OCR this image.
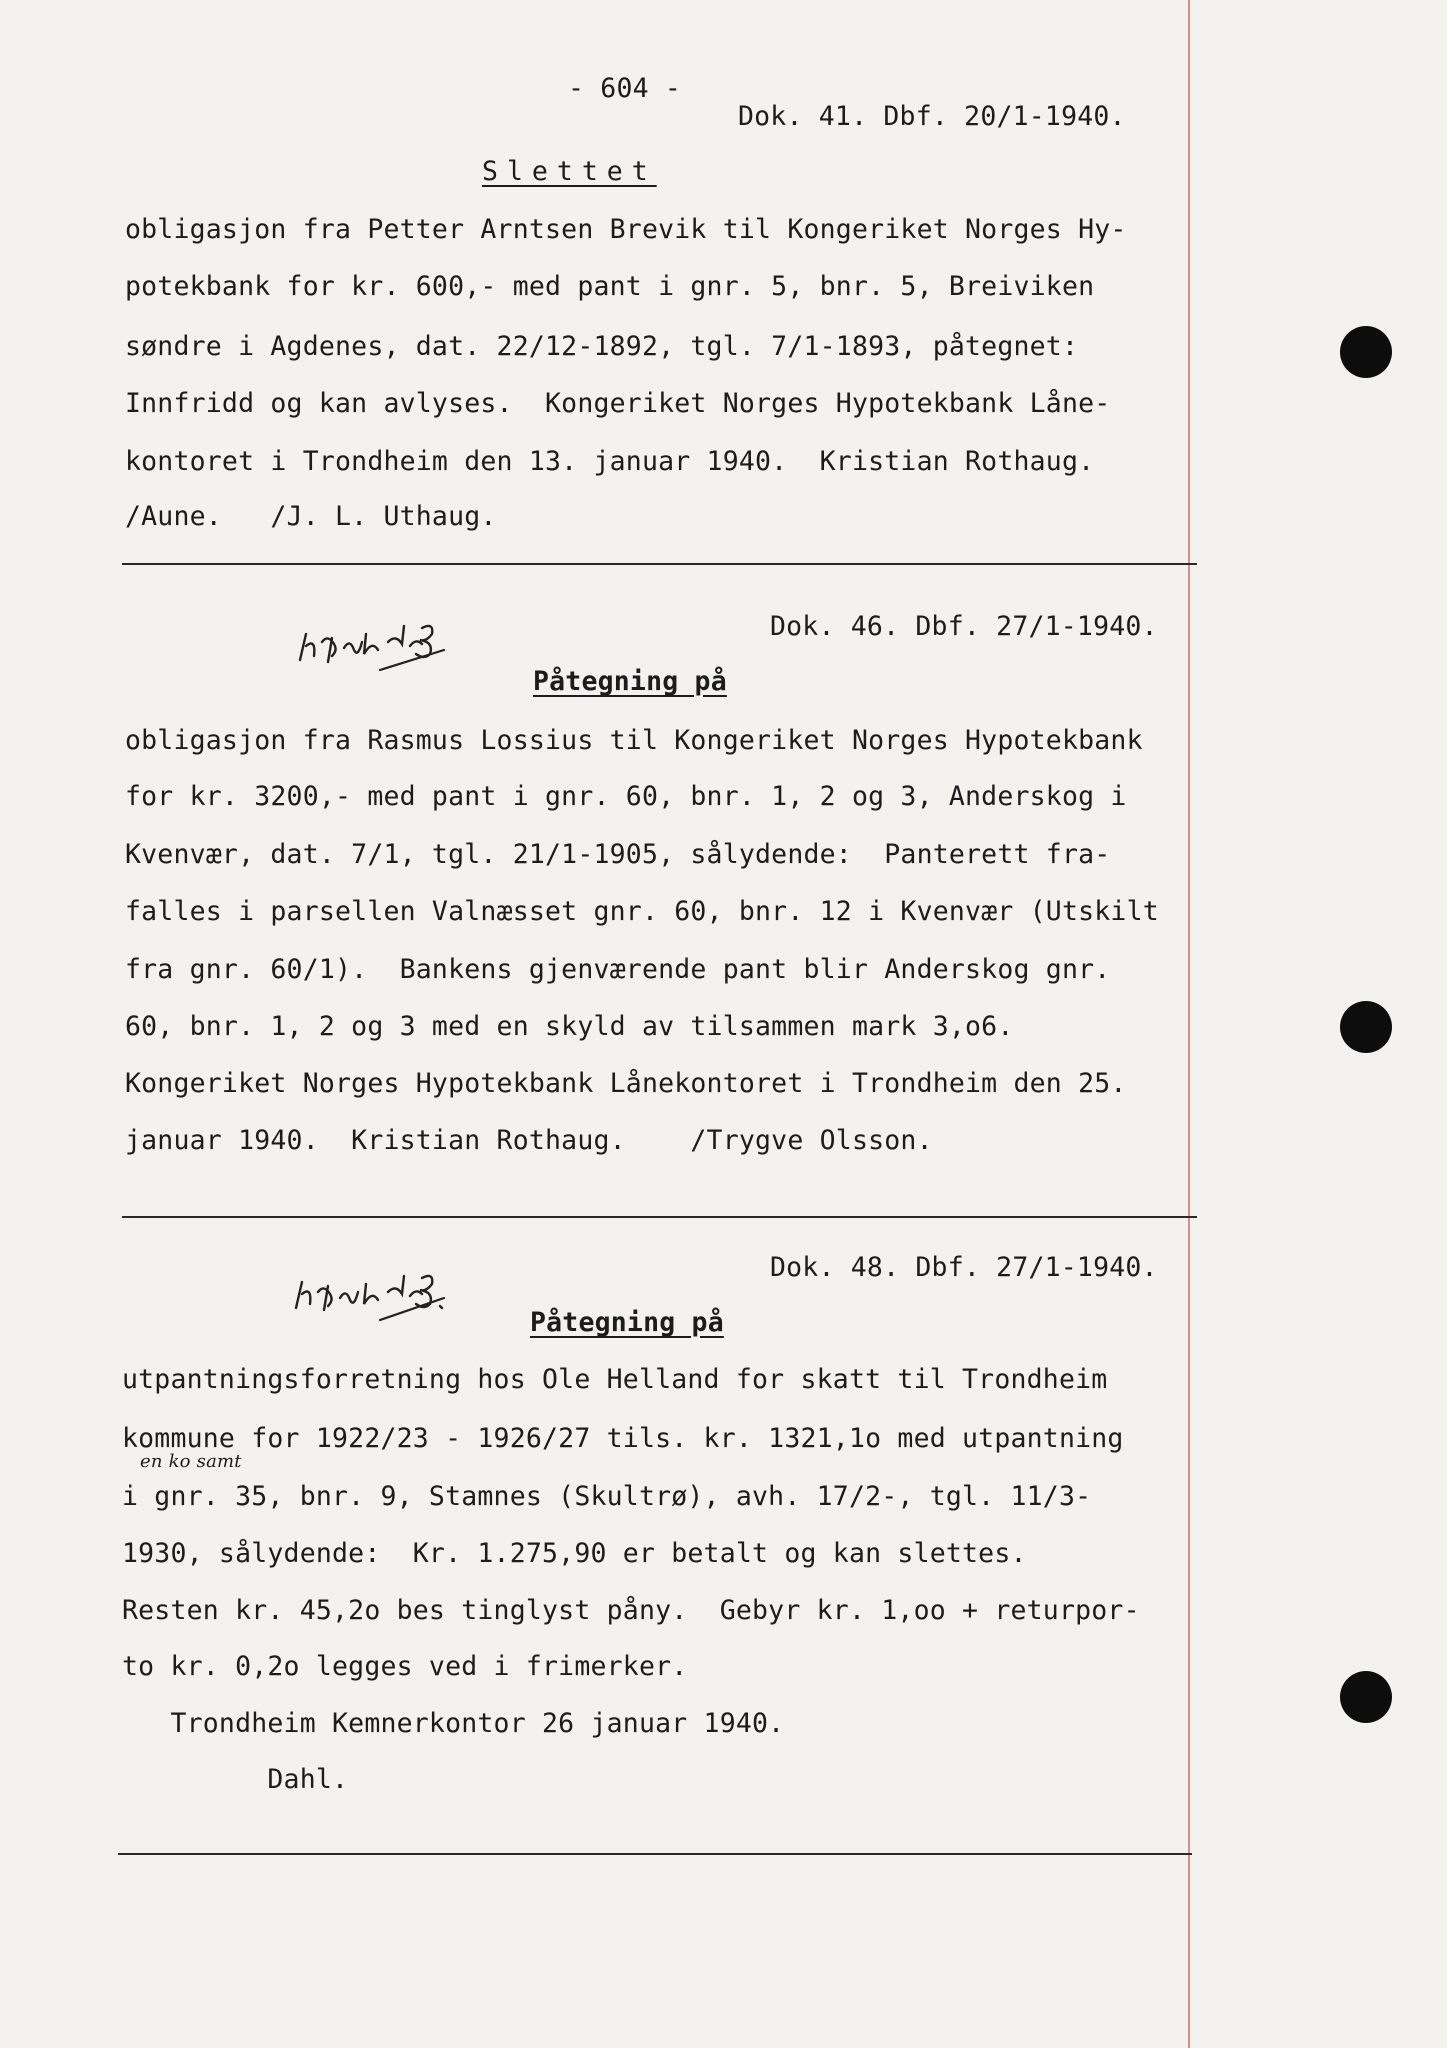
- 604 -
Dok. 41. Dbf. 20/1-1940.
Slettet
obligasjon fra Petter Arntsen Brevik til Kongeriket Norges Hy-
potekbank for kr. 600,- med pant i gnr. 5, bnr. 5, Breiviken
søndre i Agdenes, dat. 22/12-1892, tgl. 7/1-1893, påtegnet:
Innfridd og kan avlyses.  Kongeriket Norges Hypotekbank Låne-
kontoret i Trondheim den 13. januar 1940.  Kristian Rothaug.
/Aune.   /J. L. Uthaug.
Dok. 46. Dbf. 27/1-1940.
Påtegning på
obligasjon fra Rasmus Lossius til Kongeriket Norges Hypotekbank
for kr. 3200,- med pant i gnr. 60, bnr. 1, 2 og 3, Anderskog i
Kvenvær, dat. 7/1, tgl. 21/1-1905, sålydende:  Panterett fra-
falles i parsellen Valnæsset gnr. 60, bnr. 12 i Kvenvær (Utskilt
fra gnr. 60/1).  Bankens gjenværende pant blir Anderskog gnr.
60, bnr. 1, 2 og 3 med en skyld av tilsammen mark 3,o6.
Kongeriket Norges Hypotekbank Lånekontoret i Trondheim den 25.
januar 1940.  Kristian Rothaug.    /Trygve Olsson.
Dok. 48. Dbf. 27/1-1940.
Påtegning på
utpantningsforretning hos Ole Helland for skatt til Trondheim
kommune for 1922/23 - 1926/27 tils. kr. 1321,1o med utpantning
en ko samt
i gnr. 35, bnr. 9, Stamnes (Skultrø), avh. 17/2-, tgl. 11/3-
1930, sålydende:  Kr. 1.275,90 er betalt og kan slettes.
Resten kr. 45,2o bes tinglyst påny.  Gebyr kr. 1,oo + returpor-
to kr. 0,2o legges ved i frimerker.
Trondheim Kemnerkontor 26 januar 1940.
Dahl.
